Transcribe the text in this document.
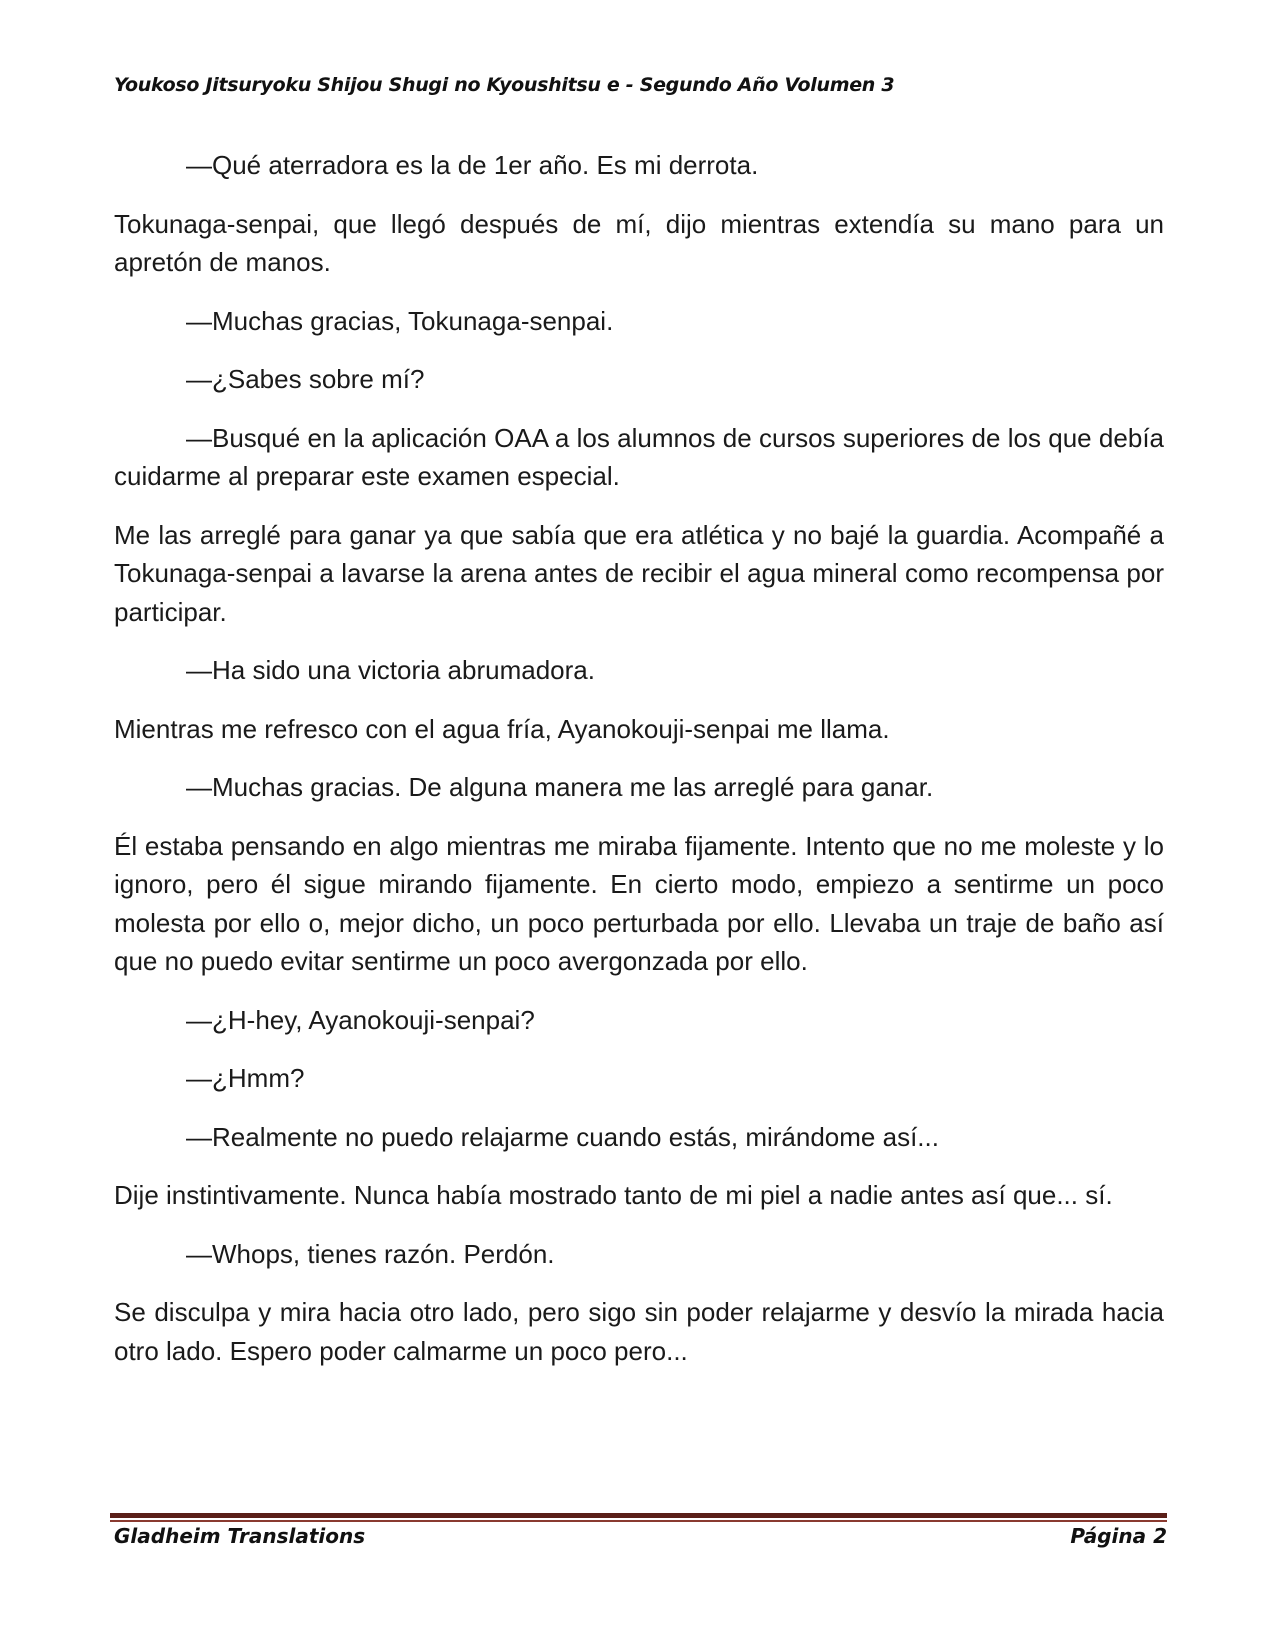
Youkoso Jitsuryoku Shijou Shugi no Kyoushitsu e - Segundo Año Volumen 3

—Qué aterradora es la de 1er año. Es mi derrota.

Tokunaga-senpai, que llegó después de mí, dijo mientras extendía su mano para un apretón de manos.

—Muchas gracias, Tokunaga-senpai.

—¿Sabes sobre mí?

—Busqué en la aplicación OAA a los alumnos de cursos superiores de los que debía cuidarme al preparar este examen especial.

Me las arreglé para ganar ya que sabía que era atlética y no bajé la guardia. Acompañé a Tokunaga-senpai a lavarse la arena antes de recibir el agua mineral como recompensa por participar.

—Ha sido una victoria abrumadora.

Mientras me refresco con el agua fría, Ayanokouji-senpai me llama.

—Muchas gracias. De alguna manera me las arreglé para ganar.

Él estaba pensando en algo mientras me miraba fijamente. Intento que no me moleste y lo ignoro, pero él sigue mirando fijamente. En cierto modo, empiezo a sentirme un poco molesta por ello o, mejor dicho, un poco perturbada por ello. Llevaba un traje de baño así que no puedo evitar sentirme un poco avergonzada por ello.

—¿H-hey, Ayanokouji-senpai?

—¿Hmm?

—Realmente no puedo relajarme cuando estás, mirándome así...

Dije instintivamente. Nunca había mostrado tanto de mi piel a nadie antes así que... sí.

—Whops, tienes razón. Perdón.

Se disculpa y mira hacia otro lado, pero sigo sin poder relajarme y desvío la mirada hacia otro lado. Espero poder calmarme un poco pero...

Gladheim Translations	Página 2
